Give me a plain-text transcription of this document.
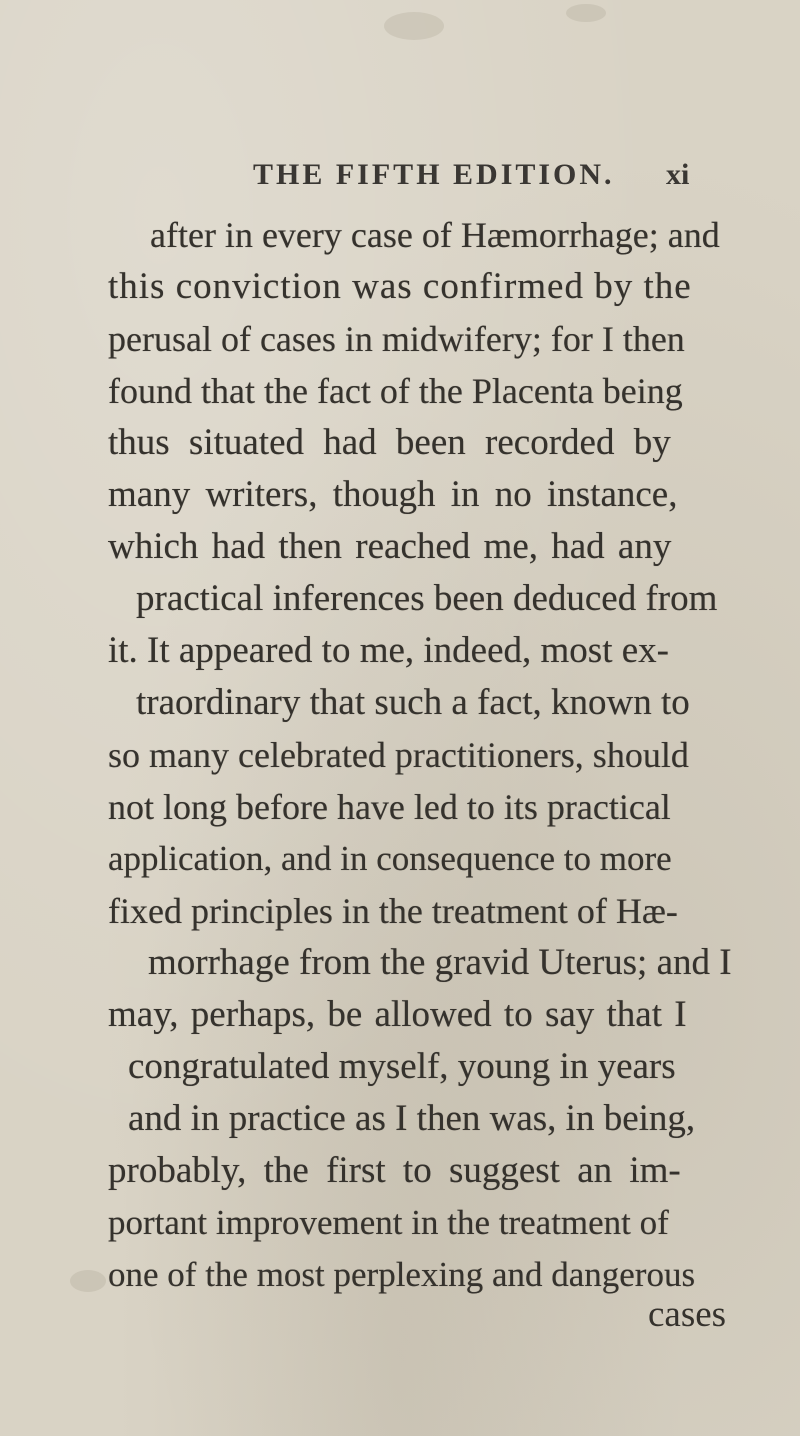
THE FIFTH EDITION. xi
after in every case of Hæmorrhage; and
this conviction was confirmed by the
perusal of cases in midwifery; for I then
found that the fact of the Placenta being
thus situated had been recorded by
many writers, though in no instance,
which had then reached me, had any
practical inferences been deduced from
it. It appeared to me, indeed, most ex-
traordinary that such a fact, known to
so many celebrated practitioners, should
not long before have led to its practical
application, and in consequence to more
fixed principles in the treatment of Hæ-
morrhage from the gravid Uterus; and I
may, perhaps, be allowed to say that I
congratulated myself, young in years
and in practice as I then was, in being,
probably, the first to suggest an im-
portant improvement in the treatment of
one of the most perplexing and dangerous
cases
